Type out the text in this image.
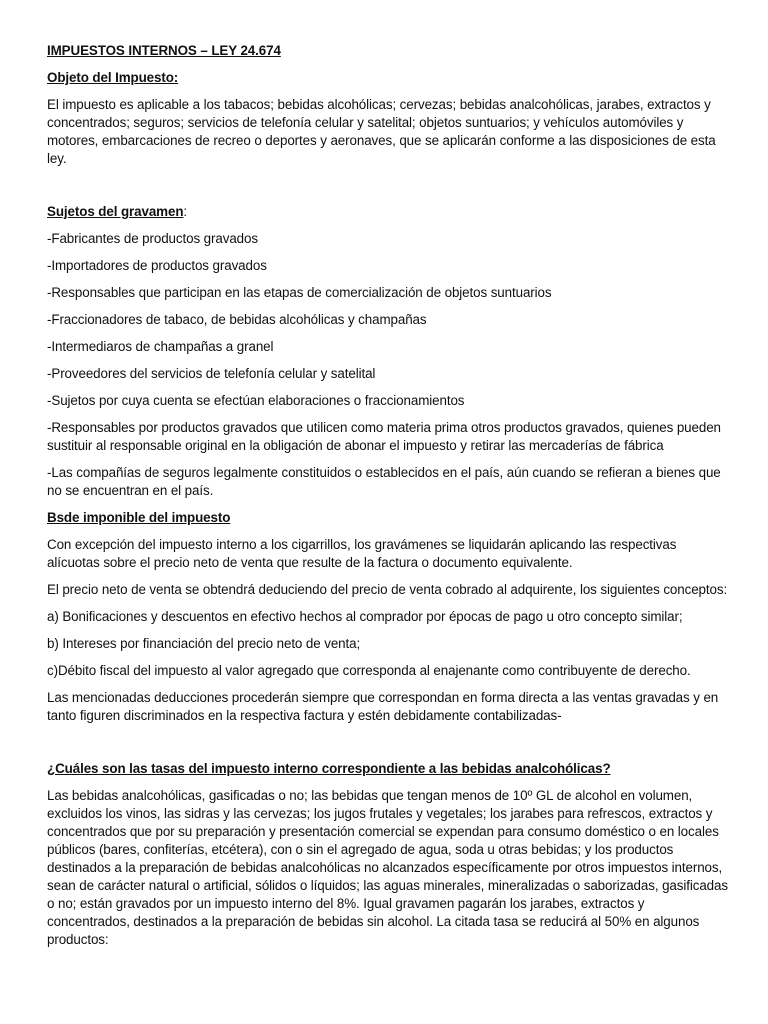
IMPUESTOS INTERNOS – LEY 24.674

Objeto del Impuesto:

El impuesto es aplicable a los tabacos; bebidas alcohólicas; cervezas; bebidas analcohólicas, jarabes, extractos y concentrados; seguros; servicios de telefonía celular y satelital; objetos suntuarios; y vehículos automóviles y motores, embarcaciones de recreo o deportes y aeronaves, que se aplicarán conforme a las disposiciones de esta ley.

Sujetos del gravamen:

-Fabricantes de productos gravados

-Importadores de productos gravados

-Responsables que participan en las etapas de comercialización de objetos suntuarios

-Fraccionadores de tabaco, de bebidas alcohólicas y champañas

-Intermediaros de champañas a granel

-Proveedores del servicios de telefonía celular y satelital

-Sujetos por cuya cuenta se efectúan elaboraciones o fraccionamientos

-Responsables por productos gravados que utilicen como materia prima otros productos gravados, quienes pueden sustituir al responsable original en la obligación de abonar el impuesto y retirar las mercaderías de fábrica

-Las compañías de seguros legalmente constituidos o establecidos en el país, aún cuando se refieran a bienes que no se encuentran en el país.

Bsde imponible del impuesto

Con excepción del impuesto interno a los cigarrillos, los gravámenes se liquidarán aplicando las respectivas alícuotas sobre el precio neto de venta que resulte de la factura o documento equivalente.

El precio neto de venta se obtendrá deduciendo del precio de venta cobrado al adquirente, los siguientes conceptos:

a) Bonificaciones y descuentos en efectivo hechos al comprador por épocas de pago u otro concepto similar;

b) Intereses por financiación del precio neto de venta;

c)Débito fiscal del impuesto al valor agregado que corresponda al enajenante como contribuyente de derecho.

Las mencionadas deducciones procederán siempre que correspondan en forma directa a las ventas gravadas y en tanto figuren discriminados en la respectiva factura y estén debidamente contabilizadas-

¿Cuáles son las tasas del impuesto interno correspondiente a las bebidas analcohólicas?

Las bebidas analcohólicas, gasificadas o no; las bebidas que tengan menos de 10º GL de alcohol en volumen, excluidos los vinos, las sidras y las cervezas; los jugos frutales y vegetales; los jarabes para refrescos, extractos y concentrados que por su preparación y presentación comercial se expendan para consumo doméstico o en locales públicos (bares, confiterías, etcétera), con o sin el agregado de agua, soda u otras bebidas; y los productos destinados a la preparación de bebidas analcohólicas no alcanzados específicamente por otros impuestos internos, sean de carácter natural o artificial, sólidos o líquidos; las aguas minerales, mineralizadas o saborizadas, gasificadas o no; están gravados por un impuesto interno del 8%. Igual gravamen pagarán los jarabes, extractos y concentrados, destinados a la preparación de bebidas sin alcohol. La citada tasa se reducirá al 50% en algunos productos:
